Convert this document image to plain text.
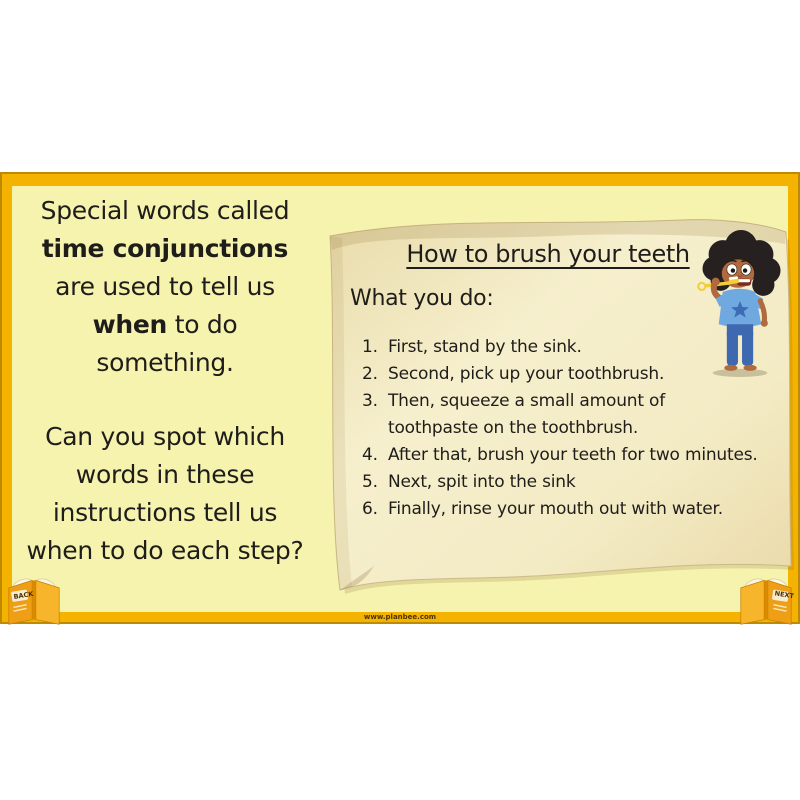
Special words called
time conjunctions
are used to tell us
when to do
something.
Can you spot which
words in these
instructions tell us
when to do each step?
How to brush your teeth
What you do:
1. First, stand by the sink.
2. Second, pick up your toothbrush.
3. Then, squeeze a small amount of
toothpaste on the toothbrush.
4. After that, brush your teeth for two minutes.
5. Next, spit into the sink
6. Finally, rinse your mouth out with water.
BACK	NEXT
www.planbee.com
